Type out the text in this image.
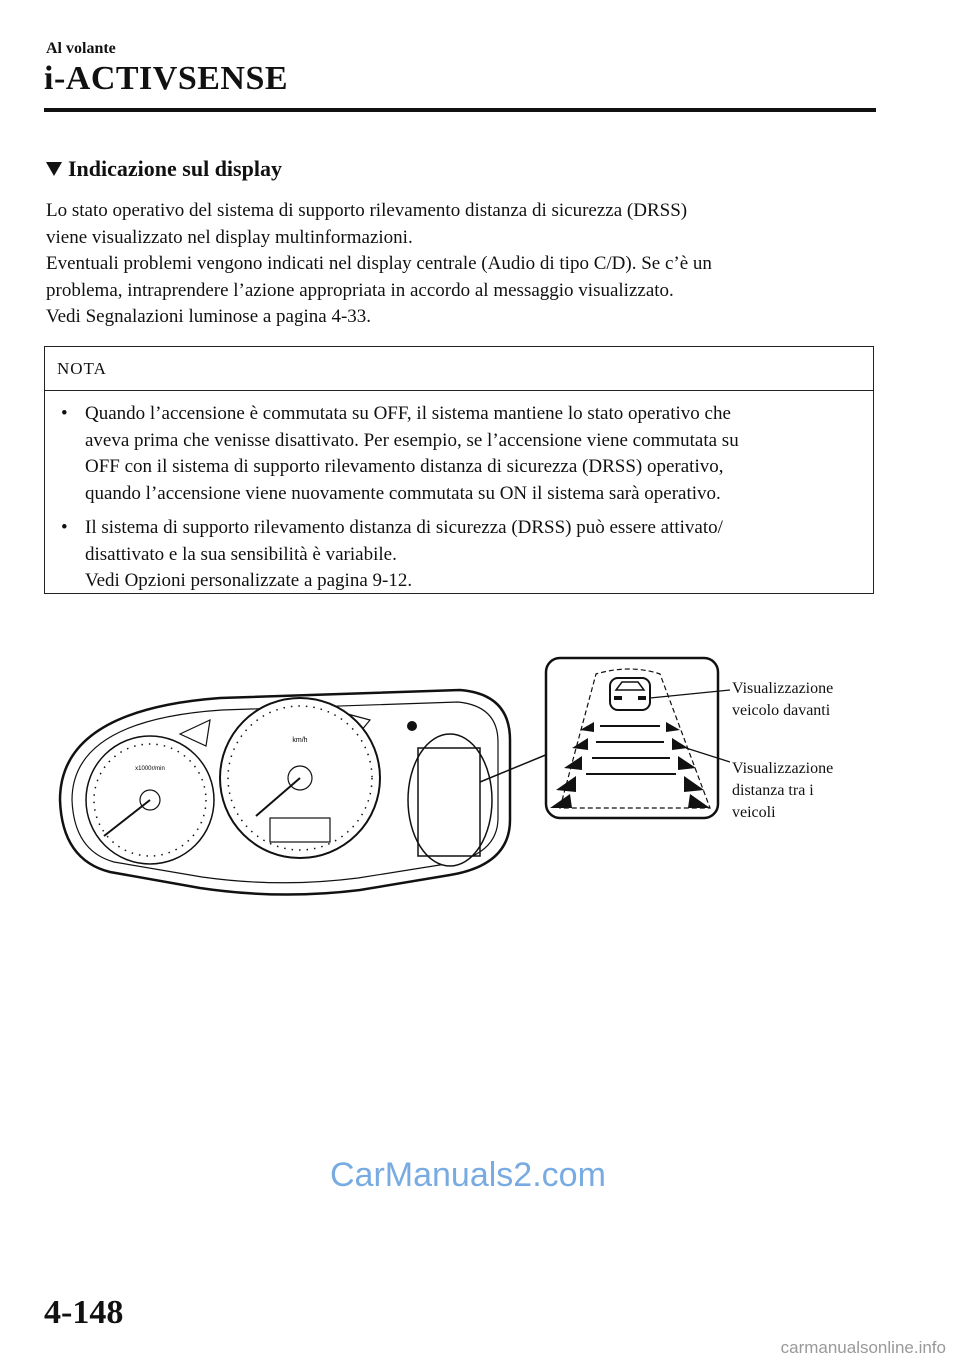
Al volante
i-ACTIVSENSE
Indicazione sul display

Lo stato operativo del sistema di supporto rilevamento distanza di sicurezza (DRSS)

viene visualizzato nel display multinformazioni.

Eventuali problemi vengono indicati nel display centrale (Audio di tipo C/D). Se c’è un

problema, intraprendere l’azione appropriata in accordo al messaggio visualizzato.

Vedi Segnalazioni luminose a pagina 4-33.

NOTA
• Quando l’accensione è commutata su OFF, il sistema mantiene lo stato operativo che
aveva prima che venisse disattivato. Per esempio, se l’accensione viene commutata su
OFF con il sistema di supporto rilevamento distanza di sicurezza (DRSS) operativo,
quando l’accensione viene nuovamente commutata su ON il sistema sarà operativo.
• Il sistema di supporto rilevamento distanza di sicurezza (DRSS) può essere attivato/
disattivato e la sua sensibilità è variabile.
Vedi Opzioni personalizzate a pagina 9-12.
x1000r/min
km/h
Visualizzazione
veicolo davanti
Visualizzazione
distanza tra i
veicoli
CarManuals2.com
4-148
carmanualsonline.info
